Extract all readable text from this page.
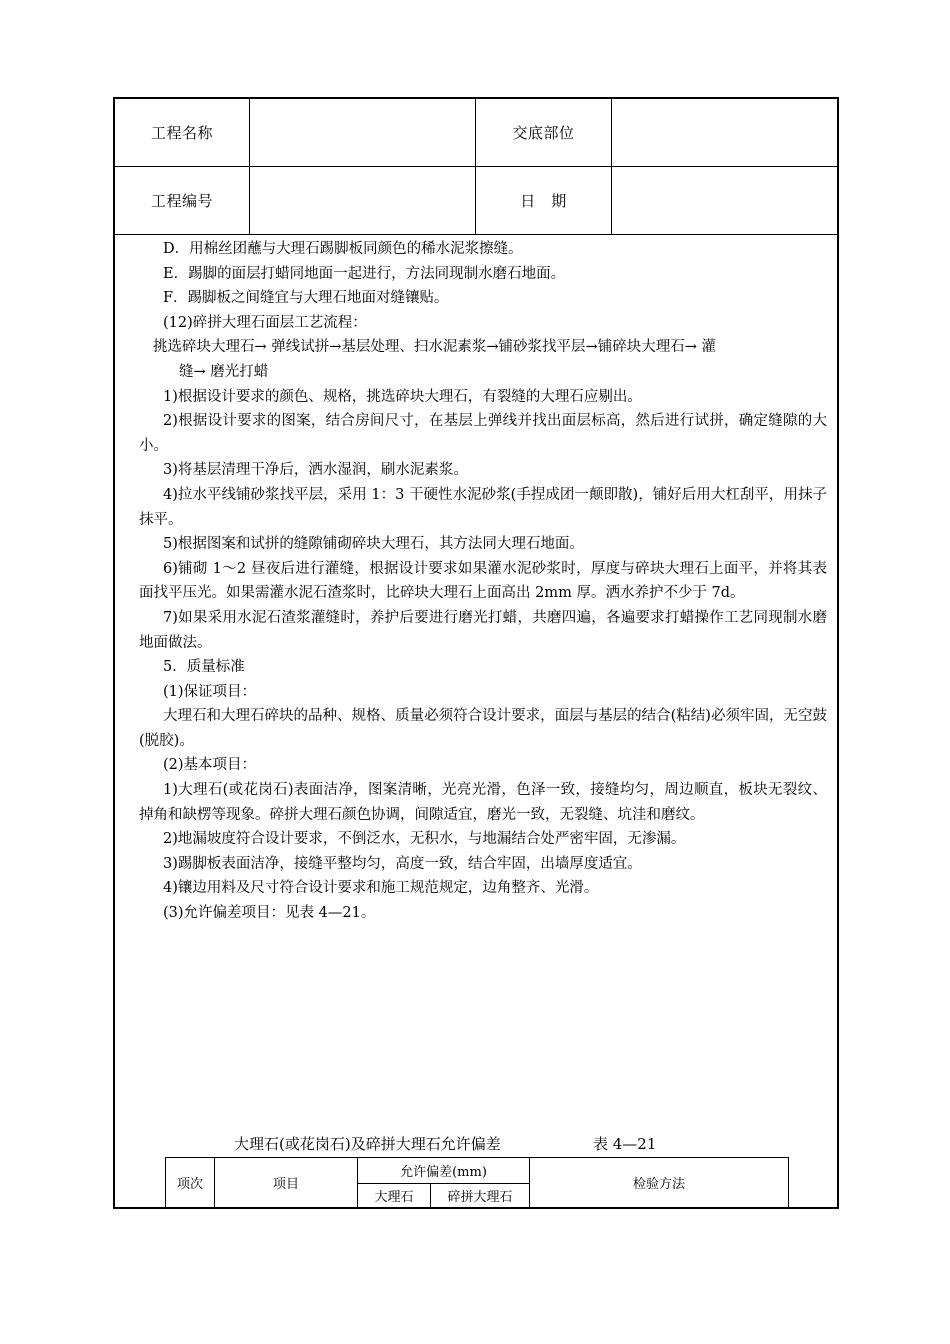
工程名称	交底部位
工程编号	日　期

D．用棉丝团蘸与大理石踢脚板同颜色的稀水泥浆擦缝。

E．踢脚的面层打蜡同地面一起进行，方法同现制水磨石地面。

F．踢脚板之间缝宜与大理石地面对缝镶贴。

(12)碎拼大理石面层工艺流程：

挑选碎块大理石→ 弹线试拼→基层处理、扫水泥素浆→铺砂浆找平层→铺碎块大理石→ 灌

缝→ 磨光打蜡

1)根据设计要求的颜色、规格，挑选碎块大理石，有裂缝的大理石应剔出。

2)根据设计要求的图案，结合房间尺寸，在基层上弹线并找出面层标高，然后进行试拼，确定缝隙的大小。

3)将基层清理干净后，洒水湿润，刷水泥素浆。

4)拉水平线铺砂浆找平层，采用 1：3 干硬性水泥砂浆(手捏成团一颠即散)，铺好后用大杠刮平，用抹子抹平。

5)根据图案和试拼的缝隙铺砌碎块大理石，其方法同大理石地面。

6)铺砌 1～2 昼夜后进行灌缝，根据设计要求如果灌水泥砂浆时，厚度与碎块大理石上面平，并将其表面找平压光。如果需灌水泥石渣浆时，比碎块大理石上面高出 2mm 厚。洒水养护不少于 7d。

7)如果采用水泥石渣浆灌缝时，养护后要进行磨光打蜡，共磨四遍，各遍要求打蜡操作工艺同现制水磨地面做法。

5．质量标准

(1)保证项目：

大理石和大理石碎块的品种、规格、质量必须符合设计要求，面层与基层的结合(粘结)必须牢固，无空鼓(脱胶)。

(2)基本项目：

1)大理石(或花岗石)表面洁净，图案清晰，光亮光滑，色泽一致，接缝均匀，周边顺直，板块无裂纹、掉角和缺楞等现象。碎拼大理石颜色协调，间隙适宜，磨光一致，无裂缝、坑洼和磨纹。

2)地漏坡度符合设计要求，不倒泛水，无积水，与地漏结合处严密牢固，无渗漏。

3)踢脚板表面洁净，接缝平整均匀，高度一致，结合牢固，出墙厚度适宜。

4)镶边用料及尺寸符合设计要求和施工规范规定，边角整齐、光滑。

(3)允许偏差项目：见表 4—21。

大理石(或花岗石)及碎拼大理石允许偏差	表 4—21
项次	项目	允许偏差(mm)		检验方法
		大理石	碎拼大理石	
